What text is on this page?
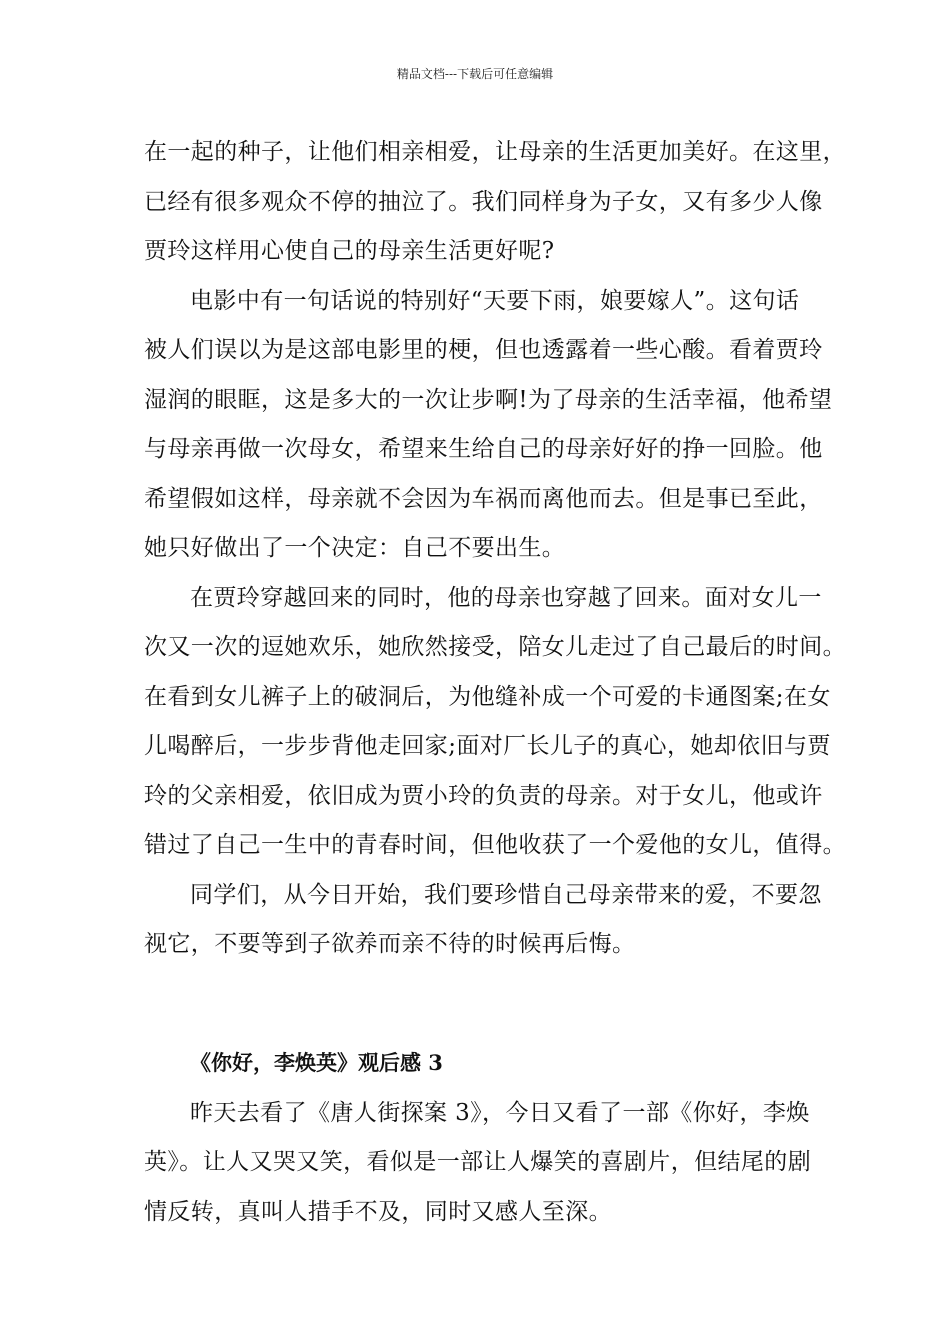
精品文档---下载后可任意编辑

在一起的种子，让他们相亲相爱，让母亲的生活更加美好。在这里，
已经有很多观众不停的抽泣了。我们同样身为子女，又有多少人像
贾玲这样用心使自己的母亲生活更好呢?

电影中有一句话说的特别好“天要下雨，娘要嫁人”。这句话
被人们误以为是这部电影里的梗，但也透露着一些心酸。看着贾玲
湿润的眼眶，这是多大的一次让步啊!为了母亲的生活幸福，他希望
与母亲再做一次母女，希望来生给自己的母亲好好的挣一回脸。他
希望假如这样，母亲就不会因为车祸而离他而去。但是事已至此，
她只好做出了一个决定：自己不要出生。

在贾玲穿越回来的同时，他的母亲也穿越了回来。面对女儿一
次又一次的逗她欢乐，她欣然接受，陪女儿走过了自己最后的时间。
在看到女儿裤子上的破洞后，为他缝补成一个可爱的卡通图案;在女
儿喝醉后，一步步背他走回家;面对厂长儿子的真心，她却依旧与贾
玲的父亲相爱，依旧成为贾小玲的负责的母亲。对于女儿，他或许
错过了自己一生中的青春时间，但他收获了一个爱他的女儿，值得。

同学们，从今日开始，我们要珍惜自己母亲带来的爱，不要忽
视它，不要等到子欲养而亲不待的时候再后悔。

《你好，李焕英》观后感 3

昨天去看了《唐人街探案 3》，今日又看了一部《你好，李焕
英》。让人又哭又笑，看似是一部让人爆笑的喜剧片，但结尾的剧
情反转，真叫人措手不及，同时又感人至深。
